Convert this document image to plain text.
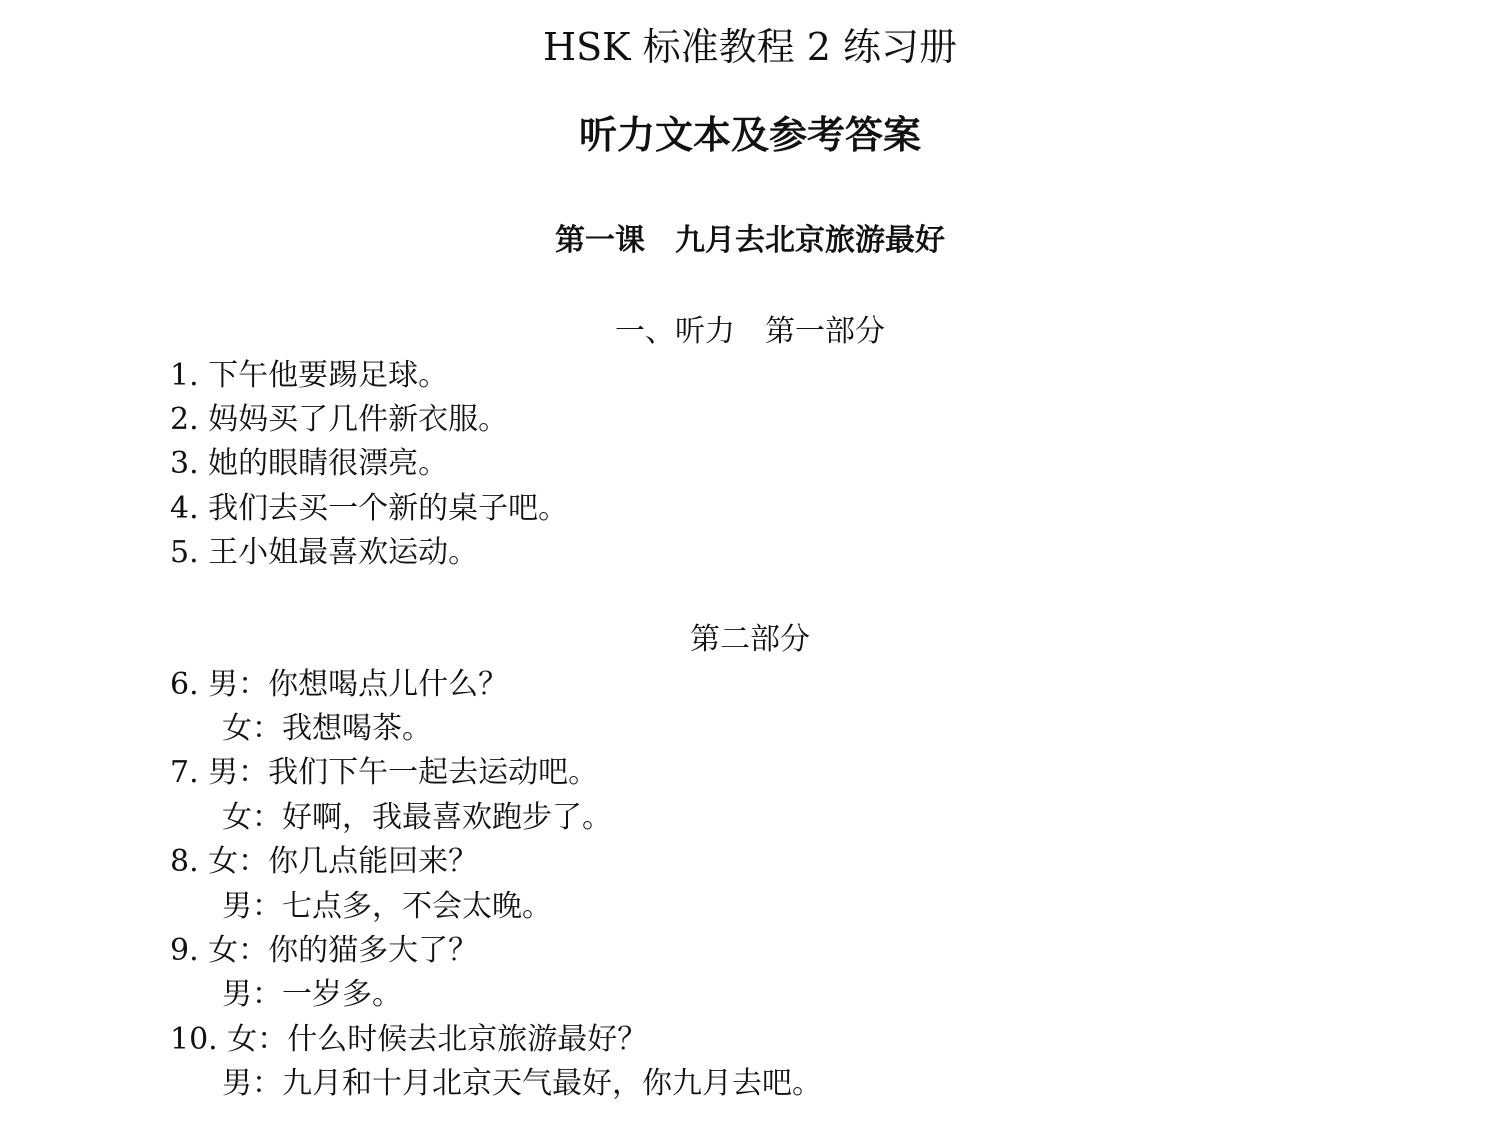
HSK 标准教程 2 练习册
听力文本及参考答案
第一课　九月去北京旅游最好
一、听力　第一部分
1. 下午他要踢足球。
2. 妈妈买了几件新衣服。
3. 她的眼睛很漂亮。
4. 我们去买一个新的桌子吧。
5. 王小姐最喜欢运动。
第二部分
6. 男：你想喝点儿什么？
女：我想喝茶。
7. 男：我们下午一起去运动吧。
女：好啊，我最喜欢跑步了。
8. 女：你几点能回来？
男：七点多，不会太晚。
9. 女：你的猫多大了？
男：一岁多。
10. 女：什么时候去北京旅游最好？
男：九月和十月北京天气最好，你九月去吧。
